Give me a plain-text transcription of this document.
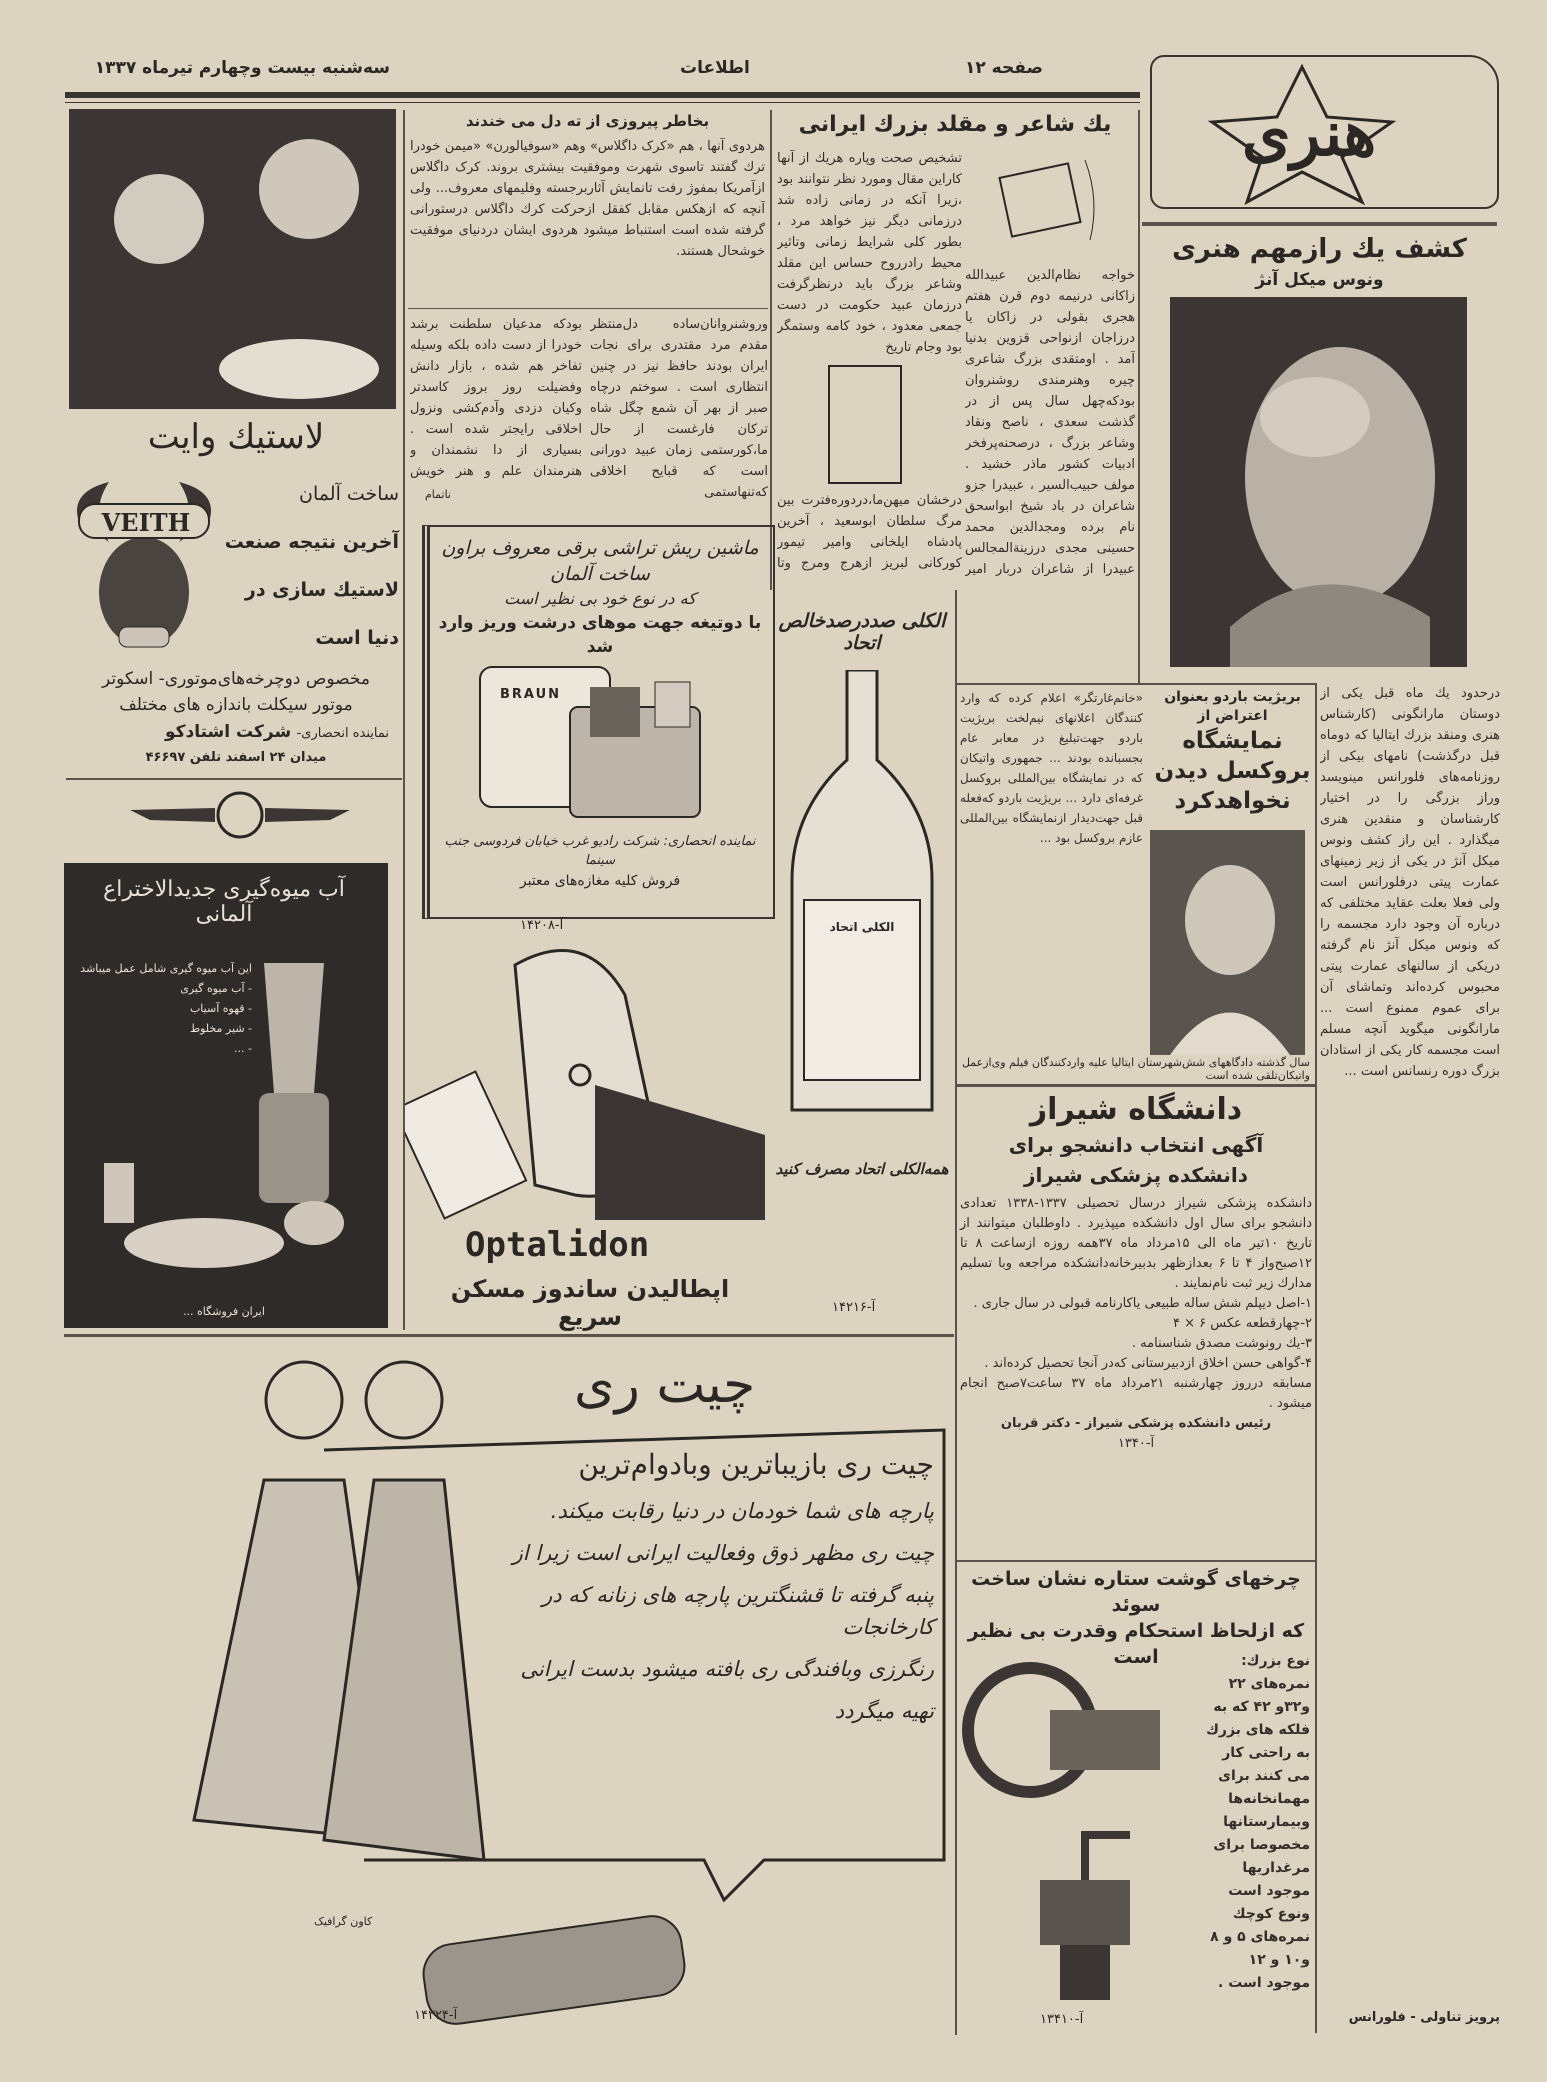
سه‌شنبه بیست وچهارم تیرماه ۱۳۳۷	اطلاعات	صفحه ۱۲
هنری
کشف یك رازمهم هنری
ونوس میکل آنژ
درحدود یك ماه قبل یکی از دوستان مارانگونی (کارشناس هنری ومنقد بزرك ایتالیا که دوماه قبل درگذشت) نامهای بیکی از روزنامه‌های فلورانس مینویسد وراز بزرگی را در اختیار کارشناسان و منقدین هنری میگذارد . این راز کشف ونوس میکل آنژ در یکی از زیر زمینهای عمارت پیتی درفلورانس است ولی فعلا بعلت عقاید مختلفی که درباره آن وجود دارد مجسمه را که ونوس میکل آنژ نام گرفته دریکی از سالنهای عمارت پیتی محبوس کرده‌اند وتماشای آن برای عموم ممنوع است ... مارانگونی میگوید آنچه مسلم است مجسمه کار یکی از استادان بزرگ دوره رنسانس است ...
پرویز تناولی - فلورانس
بخاطر پیروزی از ته دل می خندند
هردوی آنها ، هم «کرک داگلاس» وهم «سوفیالورن» «میمن خودرا ترك گفتند تاسوی شهرت وموفقیت بیشتری بروند. کرک داگلاس ازآمریکا بمفوژ رفت تانمایش آثاربرجسته وفلیمهای معروف... ولی آنچه که ازهکس مقابل کفقل ازحرکت کرك داگلاس درستورانی گرفته شده است استنباط میشود هردوی ایشان دردنیای موفقیت خوشحال هستند.
وروشنروانان‌ساده دل‌منتظر مقدم مرد مقتدری برای نجات ایران بودند حافظ نیز در چنین انتظاری است . سوختم درچاه صبر از بهر آن شمع چگل شاه ترکان فارغست از حال ما،کورستمی زمان عبید دورانی است که قبایح اخلاقی که‌تنهاستمی
بودکه مدعیان سلطنت برشد خودرا از دست داده بلکه وسیله تفاخر هم شده ، بازار دانش وفضیلت روز بروز کاسدتر وکیان دزدی وآدم‌کشی ونزول اخلاقی رایجتر شده است . بسیاری از دا نشمندان و هنرمندان علم و هنر خویش
ناتمام
یك شاعر و مقلد بزرك ایرانی
تشخیص صحت وپاره هریك از آنها کاراین مقال ومورد نظر نتوانند بود ،زیرا آنکه در زمانی زاده شد درزمانی دیگر نیز خواهد مرد ، بطور کلی شرایط زمانی وتاثیر محیط رادرروح حساس این مقلد وشاعر بزرگ باید درنظرگرفت درزمان عبید حکومت در دست جمعی معدود ، خود کامه وستمگر بود وجام تاریخ
خواجه نظام‌الدین عبیدالله زاکانی درنیمه دوم قرن هفتم هجری بقولی در زاکان یا درزاجان ازنواحی قزوین بدنیا آمد . اومتقدی بزرگ شاعری چیره وهنرمندی روشنروان بودکه‌چهل سال پس از در گذشت سعدی ، ناصح ونقاد وشاعر بزرگ ، درصحنه‌پرفخر ادبیات کشور ماذر خشید . مولف حبیب‌السیر ، عبیدرا جزو شاعران در باد شیخ ابواسحق نام برده ومجدالدین محمد حسینی مجدی درزینة‌المجالس عبیدرا از شاعران دربار امیر
درخشان میهن‌ما،دردوره‌فترت بین مرگ سلطان ابوسعید ، آخرین پادشاه ایلخانی وامیر تیمور کورکانی لبریز ازهرج ومرج وتا
لاستیك وایت
VEITH
ساخت آلمان
آخرین نتیجه صنعت
لاستیك سازی در
دنیا است
مخصوص دوچرخه‌های‌موتوری- اسکوتر
موتور سیکلت باندازه های مختلف
نماینده انحصاری- شرکت اشتادکو
میدان ۲۴ اسفند تلفن ۴۶۶۹۷
آب میوه‌گیری جدیدالاختراع آلمانی
این آب میوه گیری شامل عمل میباشد
- آب میوه گیری
- قهوه آسیاب
- شیر مخلوط
- ...
ایران فروشگاه ...
ماشین ریش تراشی برقی معروف براون ساخت آلمان
که در نوع خود بی نظیر است
با دوتیغه جهت موهای درشت وریز وارد شد
BRAUN
نماینده انحصاری: شرکت رادیو غرب خیابان فردوسی جنب سینما
فروش کلیه مغازه‌های معتبر
آ-۱۴۲۰۸
Optalidon
اپطالیدن ساندوز مسکن سریع
الکلی صددرصدخالص اتحاد
الکلی اتحاد
همه‌الکلی اتحاد مصرف کنید
آ-۱۴۲۱۶
بریژیت باردو بعنوان اعتراض از
نمایشگاه بروکسل دیدن نخواهدکرد
«خانم‌غارتگر» اعلام کرده که وارد کنندگان اعلانهای نیم‌لخت بریژیت باردو جهت‌تبلیغ در معابر عام بجسبانده بودند ... جمهوری واتیکان که در نمایشگاه بین‌المللی بروکسل غرفه‌ای دارد ... بریژیت باردو که‌فعله قبل جهت‌دیدار ازنمایشگاه بین‌المللی عازم بروکسل بود ...
سال گذشته دادگاههای شش‌شهرستان ایتالیا علیه واردکنندگان فیلم وی‌ازعمل واتیکان‌تلقی شده است
دانشگاه شیراز
آگهی انتخاب دانشجو برای دانشکده پزشکی شیراز
دانشکده پزشکی شیراز درسال تحصیلی ۱۳۳۷-۱۳۳۸ تعدادی دانشجو برای سال اول دانشکده میپذیرد . داوطلبان میتوانند از تاریخ ۱۰تیر ماه الی ۱۵مرداد ماه ۳۷همه روزه ازساعت ۸ تا ۱۲صبح‌واز ۴ تا ۶ بعدازظهر بدبیرخانه‌دانشکده مراجعه وبا تسلیم مدارك زیر ثبت نام‌نمایند .
۱-اصل دیپلم شش ساله طبیعی یاکارنامه قبولی در سال جاری .
۲-چهارقطعه عکس ۶ × ۴
۳-یك رونوشت مصدق شناسنامه .
۴-گواهی حسن اخلاق ازدبیرستانی که‌در آنجا تحصیل کرده‌اند .
مسابقه درروز چهارشنبه ۲۱مرداد ماه ۳۷ ساعت۷صبح انجام میشود .
رئیس دانشکده پزشکی شیراز - دکتر قربان
آ-۱۳۴۰
چرخهای گوشت ستاره نشان ساخت سوئد
که ازلحاظ استحکام وقدرت بی نظیر است	نوع بزرك: نمره‌های ۲۲ و۳۲و ۴۲ که به فلکه های بزرك به راحتی کار می کنند برای مهمانخانه‌ها وبیمارستانها مخصوصا برای مرغداریها موجود است ونوع کوچك نمره‌های ۵ و ۸ و۱۰ و ۱۲ موجود است .
آ-۱۳۴۱۰
چیت ری
چیت ری بازیباترین وبادوام‌ترین
پارچه های شما خودمان در دنیا رقابت میکند.
چیت ری مظهر ذوق وفعالیت ایرانی است زیرا از
پنبه گرفته تا قشنگترین پارچه های زنانه که در کارخانجات
رنگرزی وبافندگی ری بافته میشود بدست ایرانی
تهیه میگردد
کاون گرافیک
آ-۱۴۳۲۴
